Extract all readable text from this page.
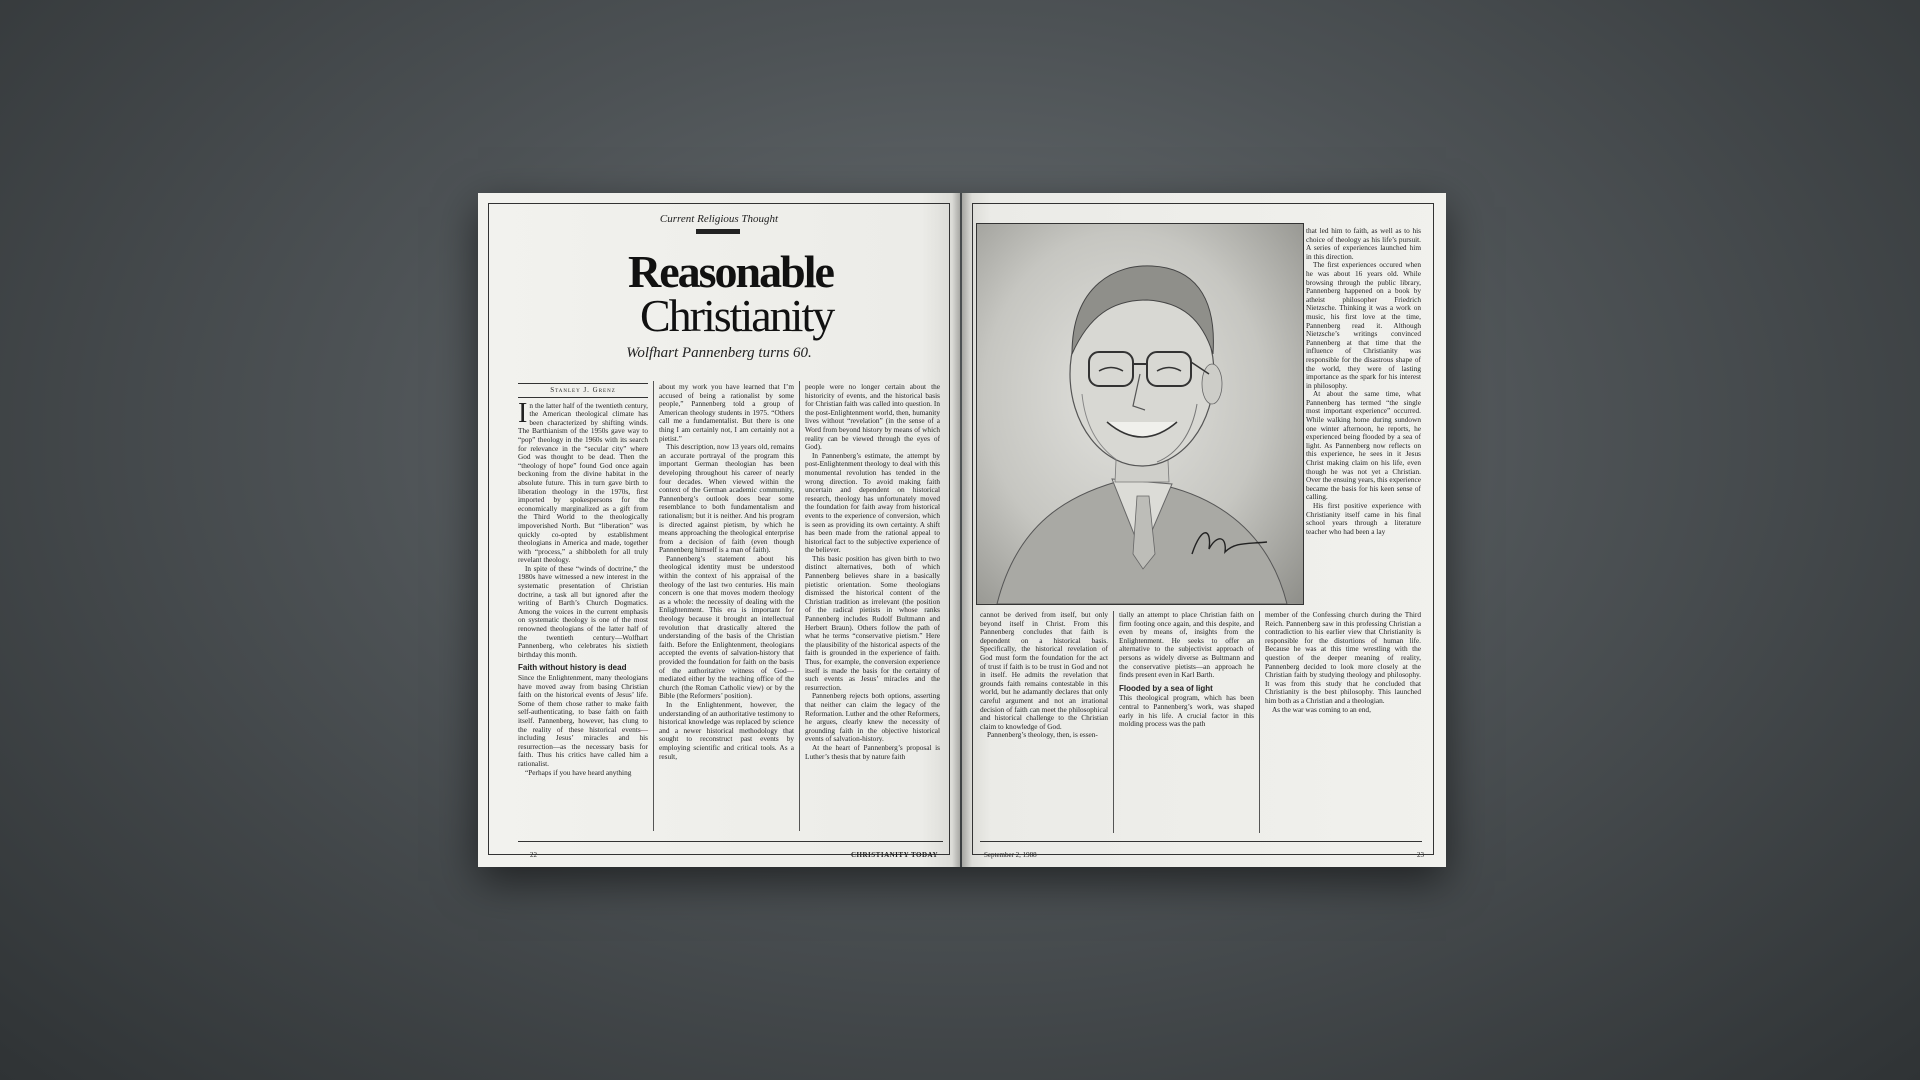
Current Religious Thought
Reasonable
Christianity
Wolfhart Pannenberg turns 60.
Stanley J. Grenz

In the latter half of the twentieth century, the American theological climate has been characterized by shifting winds. The Barthianism of the 1950s gave way to “pop” theology in the 1960s with its search for relevance in the “secular city” where God was thought to be dead. Then the “theology of hope” found God once again beckoning from the divine habitat in the absolute future. This in turn gave birth to liberation theology in the 1970s, first imported by spokespersons for the economically marginalized as a gift from the Third World to the theologically impoverished North. But “liberation” was quickly co-opted by establishment theologians in America and made, together with “process,” a shibboleth for all truly revelant theology.

In spite of these “winds of doctrine,” the 1980s have witnessed a new interest in the systematic presentation of Christian doctrine, a task all but ignored after the writing of Barth’s Church Dogmatics. Among the voices in the current emphasis on systematic theology is one of the most renowned theologians of the latter half of the twentieth century—Wolfhart Pannenberg, who celebrates his sixtieth birthday this month.

Faith without history is dead

Since the Enlightenment, many theologians have moved away from basing Christian faith on the historical events of Jesus’ life. Some of them chose rather to make faith self-authenticating, to base faith on faith itself. Pannenberg, however, has clung to the reality of these historical events—including Jesus’ miracles and his resurrection—as the necessary basis for faith. Thus his critics have called him a rationalist.

“Perhaps if you have heard anything

about my work you have learned that I’m accused of being a rationalist by some people,” Pannenberg told a group of American theology students in 1975. “Others call me a fundamentalist. But there is one thing I am certainly not, I am certainly not a pietist.”

This description, now 13 years old, remains an accurate portrayal of the program this important German theologian has been developing throughout his career of nearly four decades. When viewed within the context of the German academic community, Pannenberg’s outlook does bear some resemblance to both fundamentalism and rationalism; but it is neither. And his program is directed against pietism, by which he means approaching the theological enterprise from a decision of faith (even though Pannenberg himself is a man of faith).

Pannenberg’s statement about his theological identity must be understood within the context of his appraisal of the theology of the last two centuries. His main concern is one that moves modern theology as a whole: the necessity of dealing with the Enlightenment. This era is important for theology because it brought an intellectual revolution that drastically altered the understanding of the basis of the Christian faith. Before the Enlightenment, theologians accepted the events of salvation-history that provided the foundation for faith on the basis of the authoritative witness of God—mediated either by the teaching office of the church (the Roman Catholic view) or by the Bible (the Reformers’ position).

In the Enlightenment, however, the understanding of an authoritative testimony to historical knowledge was replaced by science and a newer historical methodology that sought to reconstruct past events by employing scientific and critical tools. As a result,

people were no longer certain about the historicity of events, and the historical basis for Christian faith was called into question. In the post-Enlightenment world, then, humanity lives without “revelation” (in the sense of a Word from beyond history by means of which reality can be viewed through the eyes of God).

In Pannenberg’s estimate, the attempt by post-Enlightenment theology to deal with this monumental revolution has tended in the wrong direction. To avoid making faith uncertain and dependent on historical research, theology has unfortunately moved the foundation for faith away from historical events to the experience of conversion, which is seen as providing its own certainty. A shift has been made from the rational appeal to historical fact to the subjective experience of the believer.

This basic position has given birth to two distinct alternatives, both of which Pannenberg believes share in a basically pietistic orientation. Some theologians dismissed the historical content of the Christian tradition as irrelevant (the position of the radical pietists in whose ranks Pannenberg includes Rudolf Bultmann and Herbert Braun). Others follow the path of what he terms “conservative pietism.” Here the plausibility of the historical aspects of the faith is grounded in the experience of faith. Thus, for example, the conversion experience itself is made the basis for the certainty of such events as Jesus’ miracles and the resurrection.

Pannenberg rejects both options, asserting that neither can claim the legacy of the Reformation. Luther and the other Reformers, he argues, clearly knew the necessity of grounding faith in the objective historical events of salvation-history.

At the heart of Pannenberg’s proposal is Luther’s thesis that by nature faith

22	CHRISTIANITY TODAY

that led him to faith, as well as to his choice of theology as his life’s pursuit. A series of experiences launched him in this direction.

The first experiences occured when he was about 16 years old. While browsing through the public library, Pannenberg happened on a book by atheist philosopher Friedrich Nietzsche. Thinking it was a work on music, his first love at the time, Pannenberg read it. Although Nietzsche’s writings convinced Pannenberg at that time that the influence of Christianity was responsible for the disastrous shape of the world, they were of lasting importance as the spark for his interest in philosophy.

At about the same time, what Pannenberg has termed “the single most important experience” occurred. While walking home during sundown one winter afternoon, he reports, he experienced being flooded by a sea of light. As Pannenberg now reflects on this experience, he sees in it Jesus Christ making claim on his life, even though he was not yet a Christian. Over the ensuing years, this experience became the basis for his keen sense of calling.

His first positive experience with Christianity itself came in his final school years through a literature teacher who had been a lay

cannot be derived from itself, but only beyond itself in Christ. From this Pannenberg concludes that faith is dependent on a historical basis. Specifically, the historical revelation of God must form the foundation for the act of trust if faith is to be trust in God and not in itself. He admits the revelation that grounds faith remains contestable in this world, but he adamantly declares that only careful argument and not an irrational decision of faith can meet the philosophical and historical challenge to the Christian claim to knowledge of God.

Pannenberg’s theology, then, is essen-

tially an attempt to place Christian faith on firm footing once again, and this despite, and even by means of, insights from the Enlightenment. He seeks to offer an alternative to the subjectivist approach of persons as widely diverse as Bultmann and the conservative pietists—an approach he finds present even in Karl Barth.

Flooded by a sea of light

This theological program, which has been central to Pannenberg’s work, was shaped early in his life. A crucial factor in this molding process was the path

member of the Confessing church during the Third Reich. Pannenberg saw in this professing Christian a contradiction to his earlier view that Christianity is responsible for the distortions of human life. Because he was at this time wrestling with the question of the deeper meaning of reality, Pannenberg decided to look more closely at the Christian faith by studying theology and philosophy. It was from this study that he concluded that Christianity is the best philosophy. This launched him both as a Christian and a theologian.

As the war was coming to an end,

September 2, 1988	23
